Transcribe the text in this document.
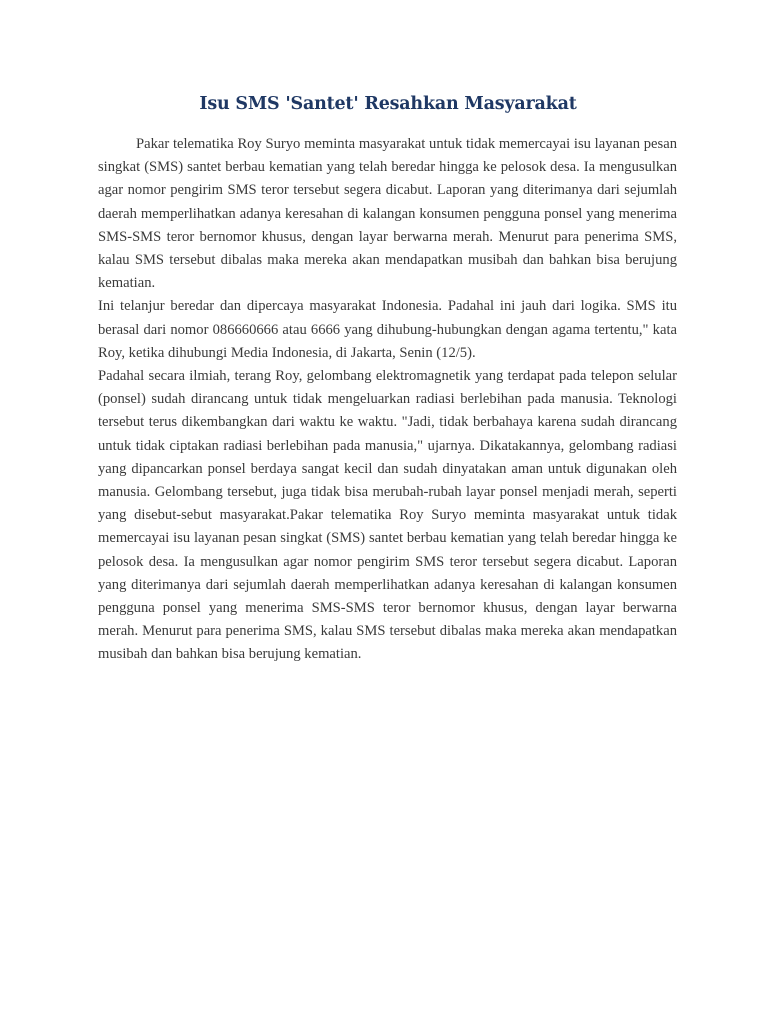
Isu SMS 'Santet' Resahkan Masyarakat

Pakar telematika Roy Suryo meminta masyarakat untuk tidak memercayai isu layanan pesan singkat (SMS) santet berbau kematian yang telah beredar hingga ke pelosok desa. Ia mengusulkan agar nomor pengirim SMS teror tersebut segera dicabut. Laporan yang diterimanya dari sejumlah daerah memperlihatkan adanya keresahan di kalangan konsumen pengguna ponsel yang menerima SMS-SMS teror bernomor khusus, dengan layar berwarna merah. Menurut para penerima SMS, kalau SMS tersebut dibalas maka mereka akan mendapatkan musibah dan bahkan bisa berujung kematian.

Ini telanjur beredar dan dipercaya masyarakat Indonesia. Padahal ini jauh dari logika. SMS itu berasal dari nomor 086660666 atau 6666 yang dihubung-hubungkan dengan agama tertentu," kata Roy, ketika dihubungi Media Indonesia, di Jakarta, Senin (12/5).

Padahal secara ilmiah, terang Roy, gelombang elektromagnetik yang terdapat pada telepon selular (ponsel) sudah dirancang untuk tidak mengeluarkan radiasi berlebihan pada manusia. Teknologi tersebut terus dikembangkan dari waktu ke waktu. "Jadi, tidak berbahaya karena sudah dirancang untuk tidak ciptakan radiasi berlebihan pada manusia," ujarnya. Dikatakannya, gelombang radiasi yang dipancarkan ponsel berdaya sangat kecil dan sudah dinyatakan aman untuk digunakan oleh manusia. Gelombang tersebut, juga tidak bisa merubah-rubah layar ponsel menjadi merah, seperti yang disebut-sebut masyarakat.Pakar telematika Roy Suryo meminta masyarakat untuk tidak memercayai isu layanan pesan singkat (SMS) santet berbau kematian yang telah beredar hingga ke pelosok desa. Ia mengusulkan agar nomor pengirim SMS teror tersebut segera dicabut. Laporan yang diterimanya dari sejumlah daerah memperlihatkan adanya keresahan di kalangan konsumen pengguna ponsel yang menerima SMS-SMS teror bernomor khusus, dengan layar berwarna merah. Menurut para penerima SMS, kalau SMS tersebut dibalas maka mereka akan mendapatkan musibah dan bahkan bisa berujung kematian.
